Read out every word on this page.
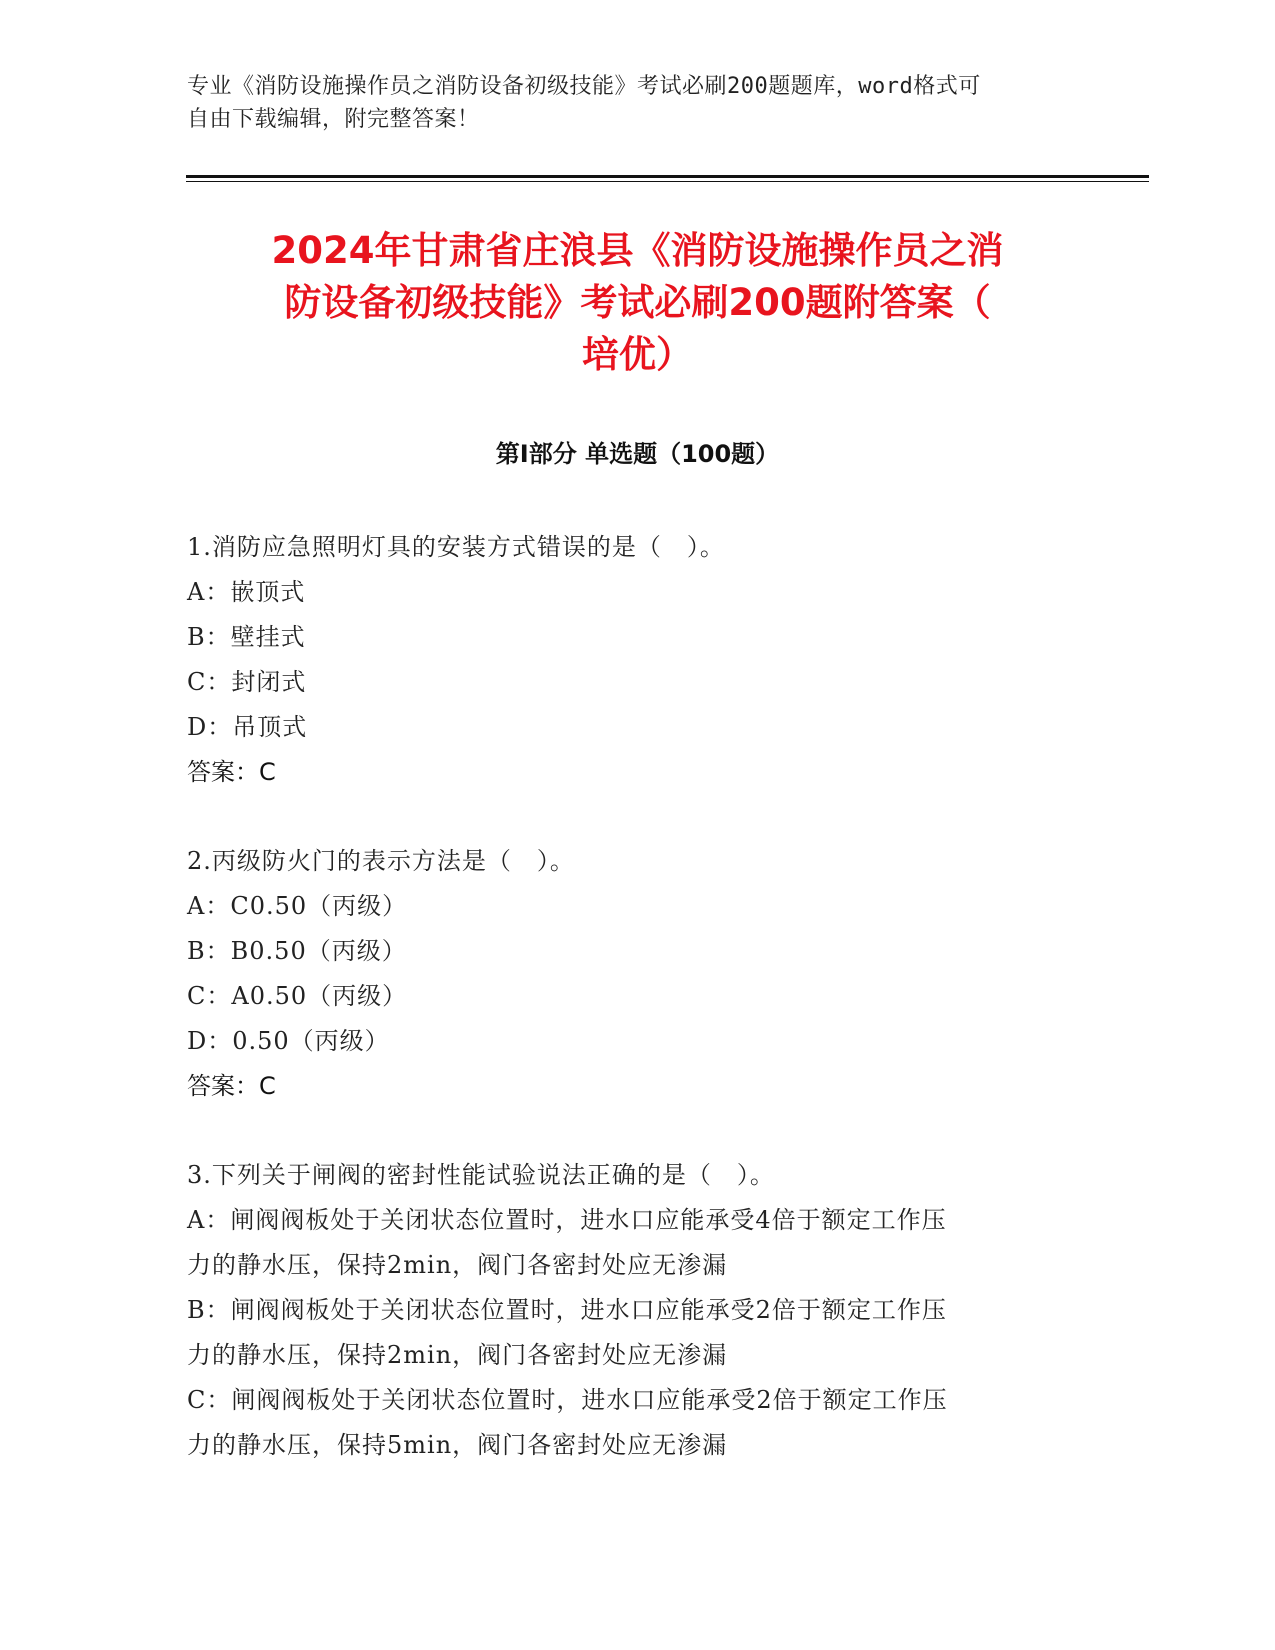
专业《消防设施操作员之消防设备初级技能》考试必刷200题题库，word格式可
自由下载编辑，附完整答案！
2024年甘肃省庄浪县《消防设施操作员之消
防设备初级技能》考试必刷200题附答案（
培优）
第Ⅰ部分 单选题（100题）

1.消防应急照明灯具的安装方式错误的是（　）。

A：嵌顶式

B：壁挂式

C：封闭式

D：吊顶式

答案：C

2.丙级防火门的表示方法是（　）。

A：C0.50（丙级）

B：B0.50（丙级）

C：A0.50（丙级）

D：0.50（丙级）

答案：C

3.下列关于闸阀的密封性能试验说法正确的是（　）。

A：闸阀阀板处于关闭状态位置时，进水口应能承受4倍于额定工作压

力的静水压，保持2min，阀门各密封处应无渗漏

B：闸阀阀板处于关闭状态位置时，进水口应能承受2倍于额定工作压

力的静水压，保持2min，阀门各密封处应无渗漏

C：闸阀阀板处于关闭状态位置时，进水口应能承受2倍于额定工作压

力的静水压，保持5min，阀门各密封处应无渗漏
